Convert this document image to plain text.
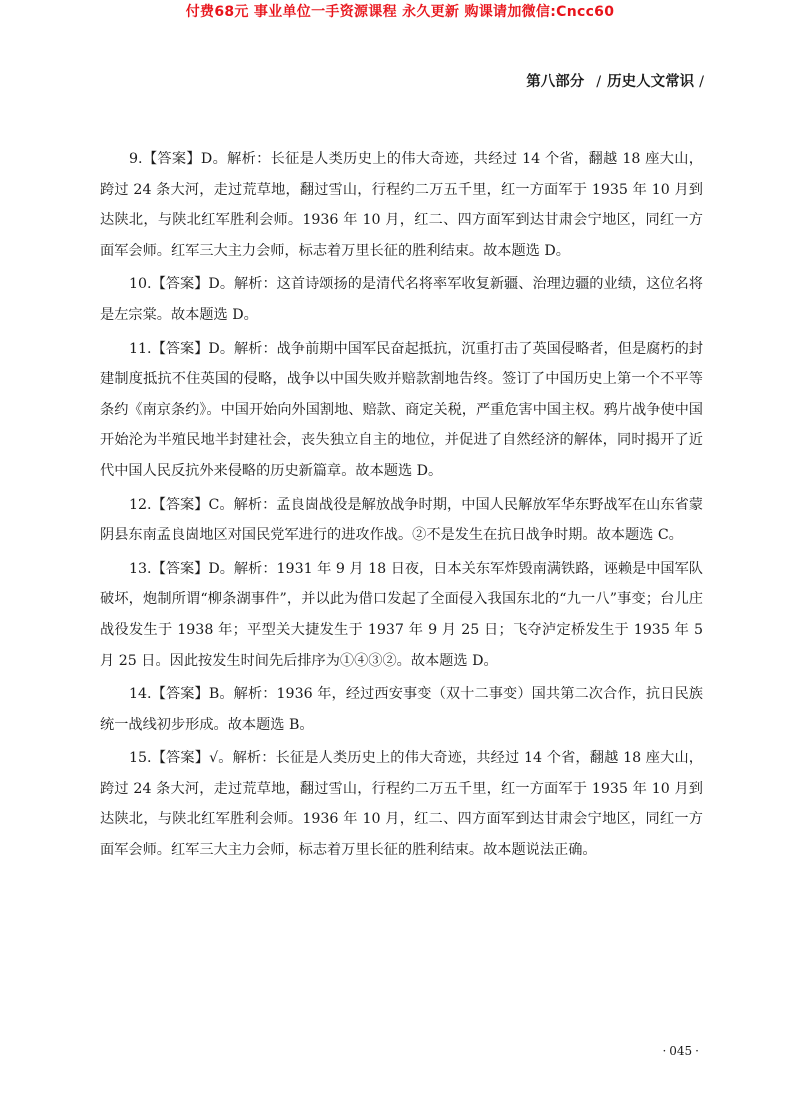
付费68元 事业单位一手资源课程 永久更新 购课请加微信:Cncc60
第八部分 / 历史人文常识 /

9.【答案】D。解析：长征是人类历史上的伟大奇迹，共经过 14 个省，翻越 18 座大山，跨过 24 条大河，走过荒草地，翻过雪山，行程约二万五千里，红一方面军于 1935 年 10 月到达陕北，与陕北红军胜利会师。1936 年 10 月，红二、四方面军到达甘肃会宁地区，同红一方面军会师。红军三大主力会师，标志着万里长征的胜利结束。故本题选 D。

10.【答案】D。解析：这首诗颂扬的是清代名将率军收复新疆、治理边疆的业绩，这位名将是左宗棠。故本题选 D。

11.【答案】D。解析：战争前期中国军民奋起抵抗，沉重打击了英国侵略者，但是腐朽的封建制度抵抗不住英国的侵略，战争以中国失败并赔款割地告终。签订了中国历史上第一个不平等条约《南京条约》。中国开始向外国割地、赔款、商定关税，严重危害中国主权。鸦片战争使中国开始沦为半殖民地半封建社会，丧失独立自主的地位，并促进了自然经济的解体，同时揭开了近代中国人民反抗外来侵略的历史新篇章。故本题选 D。

12.【答案】C。解析：孟良崮战役是解放战争时期，中国人民解放军华东野战军在山东省蒙阴县东南孟良崮地区对国民党军进行的进攻作战。②不是发生在抗日战争时期。故本题选 C。

13.【答案】D。解析：1931 年 9 月 18 日夜，日本关东军炸毁南满铁路，诬赖是中国军队破坏，炮制所谓“柳条湖事件”，并以此为借口发起了全面侵入我国东北的“九一八”事变；台儿庄战役发生于 1938 年；平型关大捷发生于 1937 年 9 月 25 日；飞夺泸定桥发生于 1935 年 5 月 25 日。因此按发生时间先后排序为①④③②。故本题选 D。

14.【答案】B。解析：1936 年，经过西安事变（双十二事变）国共第二次合作，抗日民族统一战线初步形成。故本题选 B。

15.【答案】√。解析：长征是人类历史上的伟大奇迹，共经过 14 个省，翻越 18 座大山，跨过 24 条大河，走过荒草地，翻过雪山，行程约二万五千里，红一方面军于 1935 年 10 月到达陕北，与陕北红军胜利会师。1936 年 10 月，红二、四方面军到达甘肃会宁地区，同红一方面军会师。红军三大主力会师，标志着万里长征的胜利结束。故本题说法正确。

· 045 ·
